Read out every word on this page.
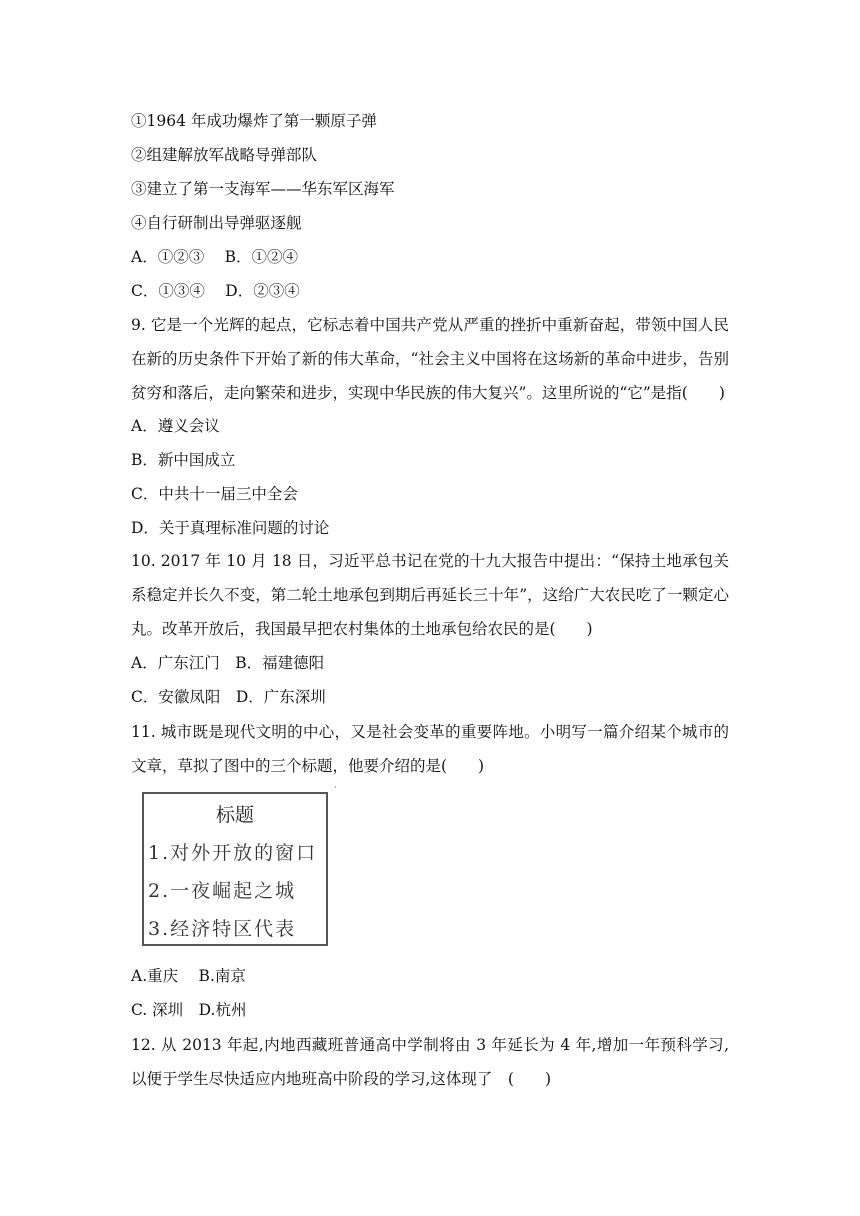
①1964 年成功爆炸了第一颗原子弹
②组建解放军战略导弹部队
③建立了第一支海军——华东军区海军
④自行研制出导弹驱逐舰
A．①②③　 B．①②④
C．①③④　 D．②③④
9. 它是一个光辉的起点，它标志着中国共产党从严重的挫折中重新奋起，带领中国人民在新的历史条件下开始了新的伟大革命，“社会主义中国将在这场新的革命中进步，告别贫穷和落后，走向繁荣和进步，实现中华民族的伟大复兴”。这里所说的“它”是指(　　)
A．遵义会议
B．新中国成立
C．中共十一届三中全会
D．关于真理标准问题的讨论
10. 2017 年 10 月 18 日，习近平总书记在党的十九大报告中提出：“保持土地承包关系稳定并长久不变，第二轮土地承包到期后再延长三十年”，这给广大农民吃了一颗定心丸。改革开放后，我国最早把农村集体的土地承包给农民的是(　　)
A．广东江门　B．福建德阳
C．安徽凤阳　D．广东深圳
11. 城市既是现代文明的中心，又是社会变革的重要阵地。小明写一篇介绍某个城市的文章，草拟了图中的三个标题，他要介绍的是(　　)
标题
1.对外开放的窗口
2.一夜崛起之城
3.经济特区代表
˙
A.重庆　 B.南京
C. 深圳　D.杭州
12. 从 2013 年起,内地西藏班普通高中学制将由 3 年延长为 4 年,增加一年预科学习,以便于学生尽快适应内地班高中阶段的学习,这体现了　(　　)
